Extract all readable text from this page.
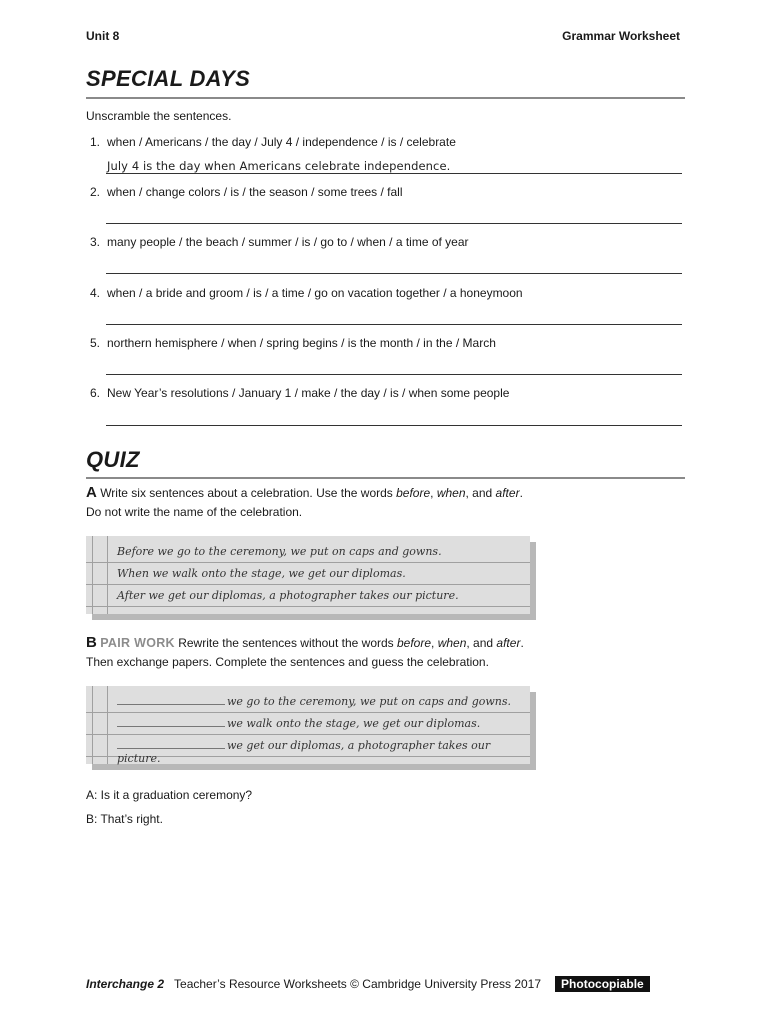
Unit 8	Grammar Worksheet
SPECIAL DAYS
Unscramble the sentences.
1. when / Americans / the day / July 4 / independence / is / celebrate
July 4 is the day when Americans celebrate independence.
2. when / change colors / is / the season / some trees / fall
3. many people / the beach / summer / is / go to / when / a time of year
4. when / a bride and groom / is / a time / go on vacation together / a honeymoon
5. northern hemisphere / when / spring begins / is the month / in the / March
6. New Year’s resolutions / January 1 / make / the day / is / when some people
QUIZ
A Write six sentences about a celebration. Use the words before, when, and after.
Do not write the name of the celebration.
Before we go to the ceremony, we put on caps and gowns.
When we walk onto the stage, we get our diplomas.
After we get our diplomas, a photographer takes our picture.
B PAIR WORK Rewrite the sentences without the words before, when, and after.
Then exchange papers. Complete the sentences and guess the celebration.
we go to the ceremony, we put on caps and gowns.
we walk onto the stage, we get our diplomas.
we get our diplomas, a photographer takes our picture.
A: Is it a graduation ceremony?
B: That’s right.
Interchange 2 Teacher’s Resource Worksheets © Cambridge University Press 2017 Photocopiable
